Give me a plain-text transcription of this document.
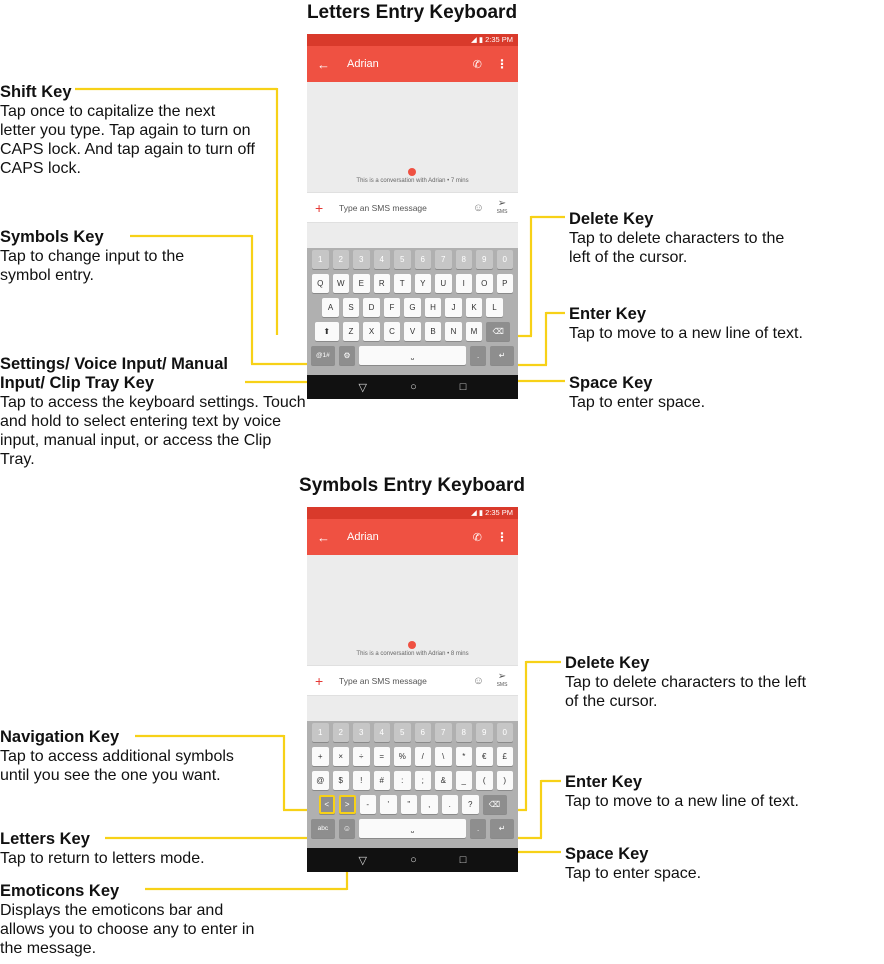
Letters Entry Keyboard
Symbols Entry Keyboard
◢ ▮ 2:35 PM
←	Adrian	✆ ⋮
This is a conversation with Adrian • 7 mins
+	Type an SMS message	☺	➢
SMS
1	2	3	4	5	6	7	8	9	0
Q	W	E	R	T	Y	U	I	O	P
A	S	D	F	G	H	J	K	L
⬆	Z	X	C	V	B	N	M	⌫
@1#	⚙	⎵	.	↵
▽	○	□
Shift Key
Tap once to capitalize the next letter you type. Tap again to turn on CAPS lock. And tap again to turn off CAPS lock.
Symbols Key
Tap to change input to the symbol entry.
Settings/ Voice Input/ Manual Input/ Clip Tray Key
Tap to access the keyboard settings. Touch and hold to select entering text by voice input, manual input, or access the Clip Tray.
Delete Key
Tap to delete characters to the left of the cursor.
Enter Key
Tap to move to a new line of text.
Space Key
Tap to enter space.
◢ ▮ 2:35 PM
←	Adrian	✆ ⋮
This is a conversation with Adrian • 8 mins
+	Type an SMS message	☺	➢
SMS
1	2	3	4	5	6	7	8	9	0
+	×	÷	=	%	/	\	*	€	£
@	$	!	#	:	;	&	_	(	)
<	>	-	'	"	,	.	?	⌫
abc	☺	⎵	.	↵
▽	○	□
Navigation Key
Tap to access additional symbols until you see the one you want.
Letters Key
Tap to return to letters mode.
Emoticons Key
Displays the emoticons bar and allows you to choose any to enter in the message.
Delete Key
Tap to delete characters to the left of the cursor.
Enter Key
Tap to move to a new line of text.
Space Key
Tap to enter space.
